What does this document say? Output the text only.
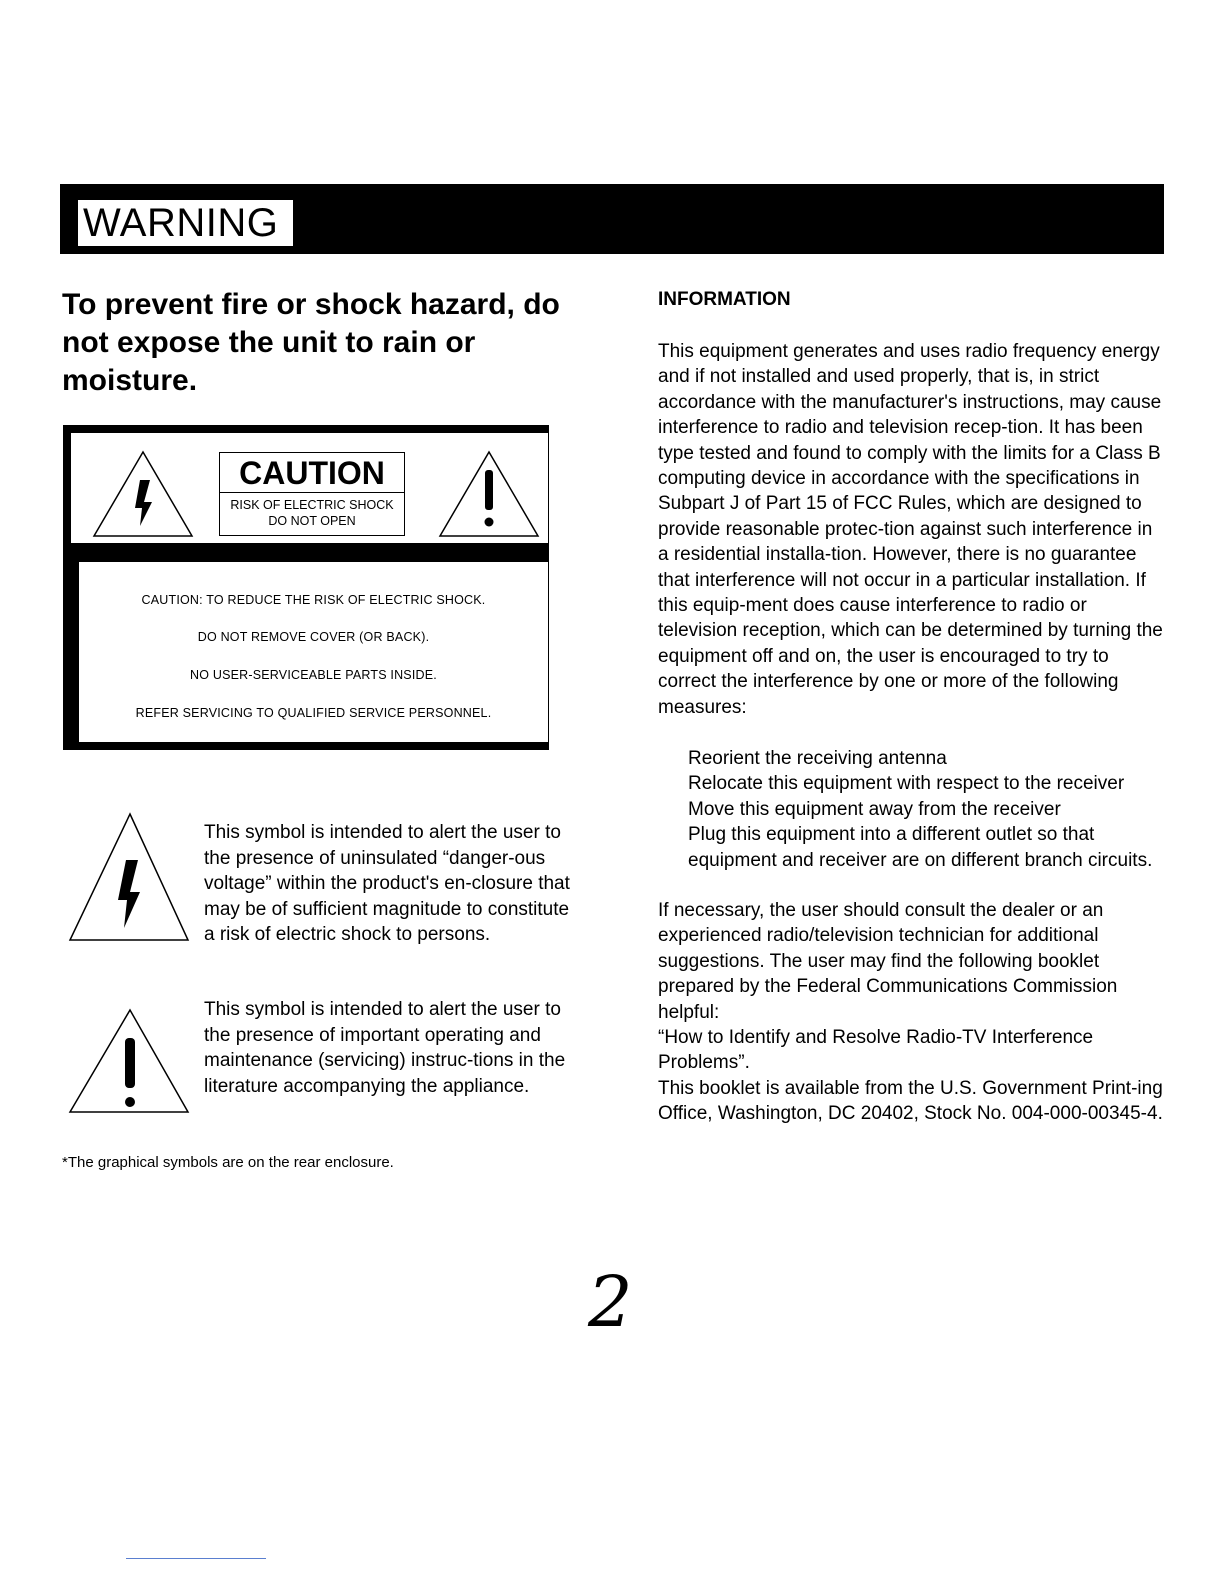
WARNING
To prevent fire or shock hazard, do not expose the unit to rain or moisture.
CAUTION
RISK OF ELECTRIC SHOCK
DO NOT OPEN
CAUTION: TO REDUCE THE RISK OF ELECTRIC SHOCK.
DO NOT REMOVE COVER (OR BACK).
NO USER-SERVICEABLE PARTS INSIDE.
REFER SERVICING TO QUALIFIED SERVICE PERSONNEL.
This symbol is intended to alert the user to the presence of uninsulated “danger-ous voltage” within the product's en-closure that may be of sufficient magnitude to constitute a risk of electric shock to persons.
This symbol is intended to alert the user to the presence of important operating and maintenance (servicing) instruc-tions in the literature accompanying the appliance.
*The graphical symbols are on the rear enclosure.
INFORMATION

This equipment generates and uses radio frequency energy and if not installed and used properly, that is, in strict accordance with the manufacturer's instructions, may cause interference to radio and television recep-tion. It has been type tested and found to comply with the limits for a Class B computing device in accordance with the specifications in Subpart J of Part 15 of FCC Rules, which are designed to provide reasonable protec-tion against such interference in a residential installa-tion. However, there is no guarantee that interference will not occur in a particular installation. If this equip-ment does cause interference to radio or television reception, which can be determined by turning the equipment off and on, the user is encouraged to try to correct the interference by one or more of the following measures:

Reorient the receiving antenna
Relocate this equipment with respect to the receiver
Move this equipment away from the receiver
Plug this equipment into a different outlet so that equipment and receiver are on different branch circuits.

If necessary, the user should consult the dealer or an experienced radio/television technician for additional suggestions. The user may find the following booklet prepared by the Federal Communications Commission helpful:

“How to Identify and Resolve Radio-TV Interference Problems”.

This booklet is available from the U.S. Government Print-ing Office, Washington, DC 20402, Stock No. 004-000-00345-4.

2
